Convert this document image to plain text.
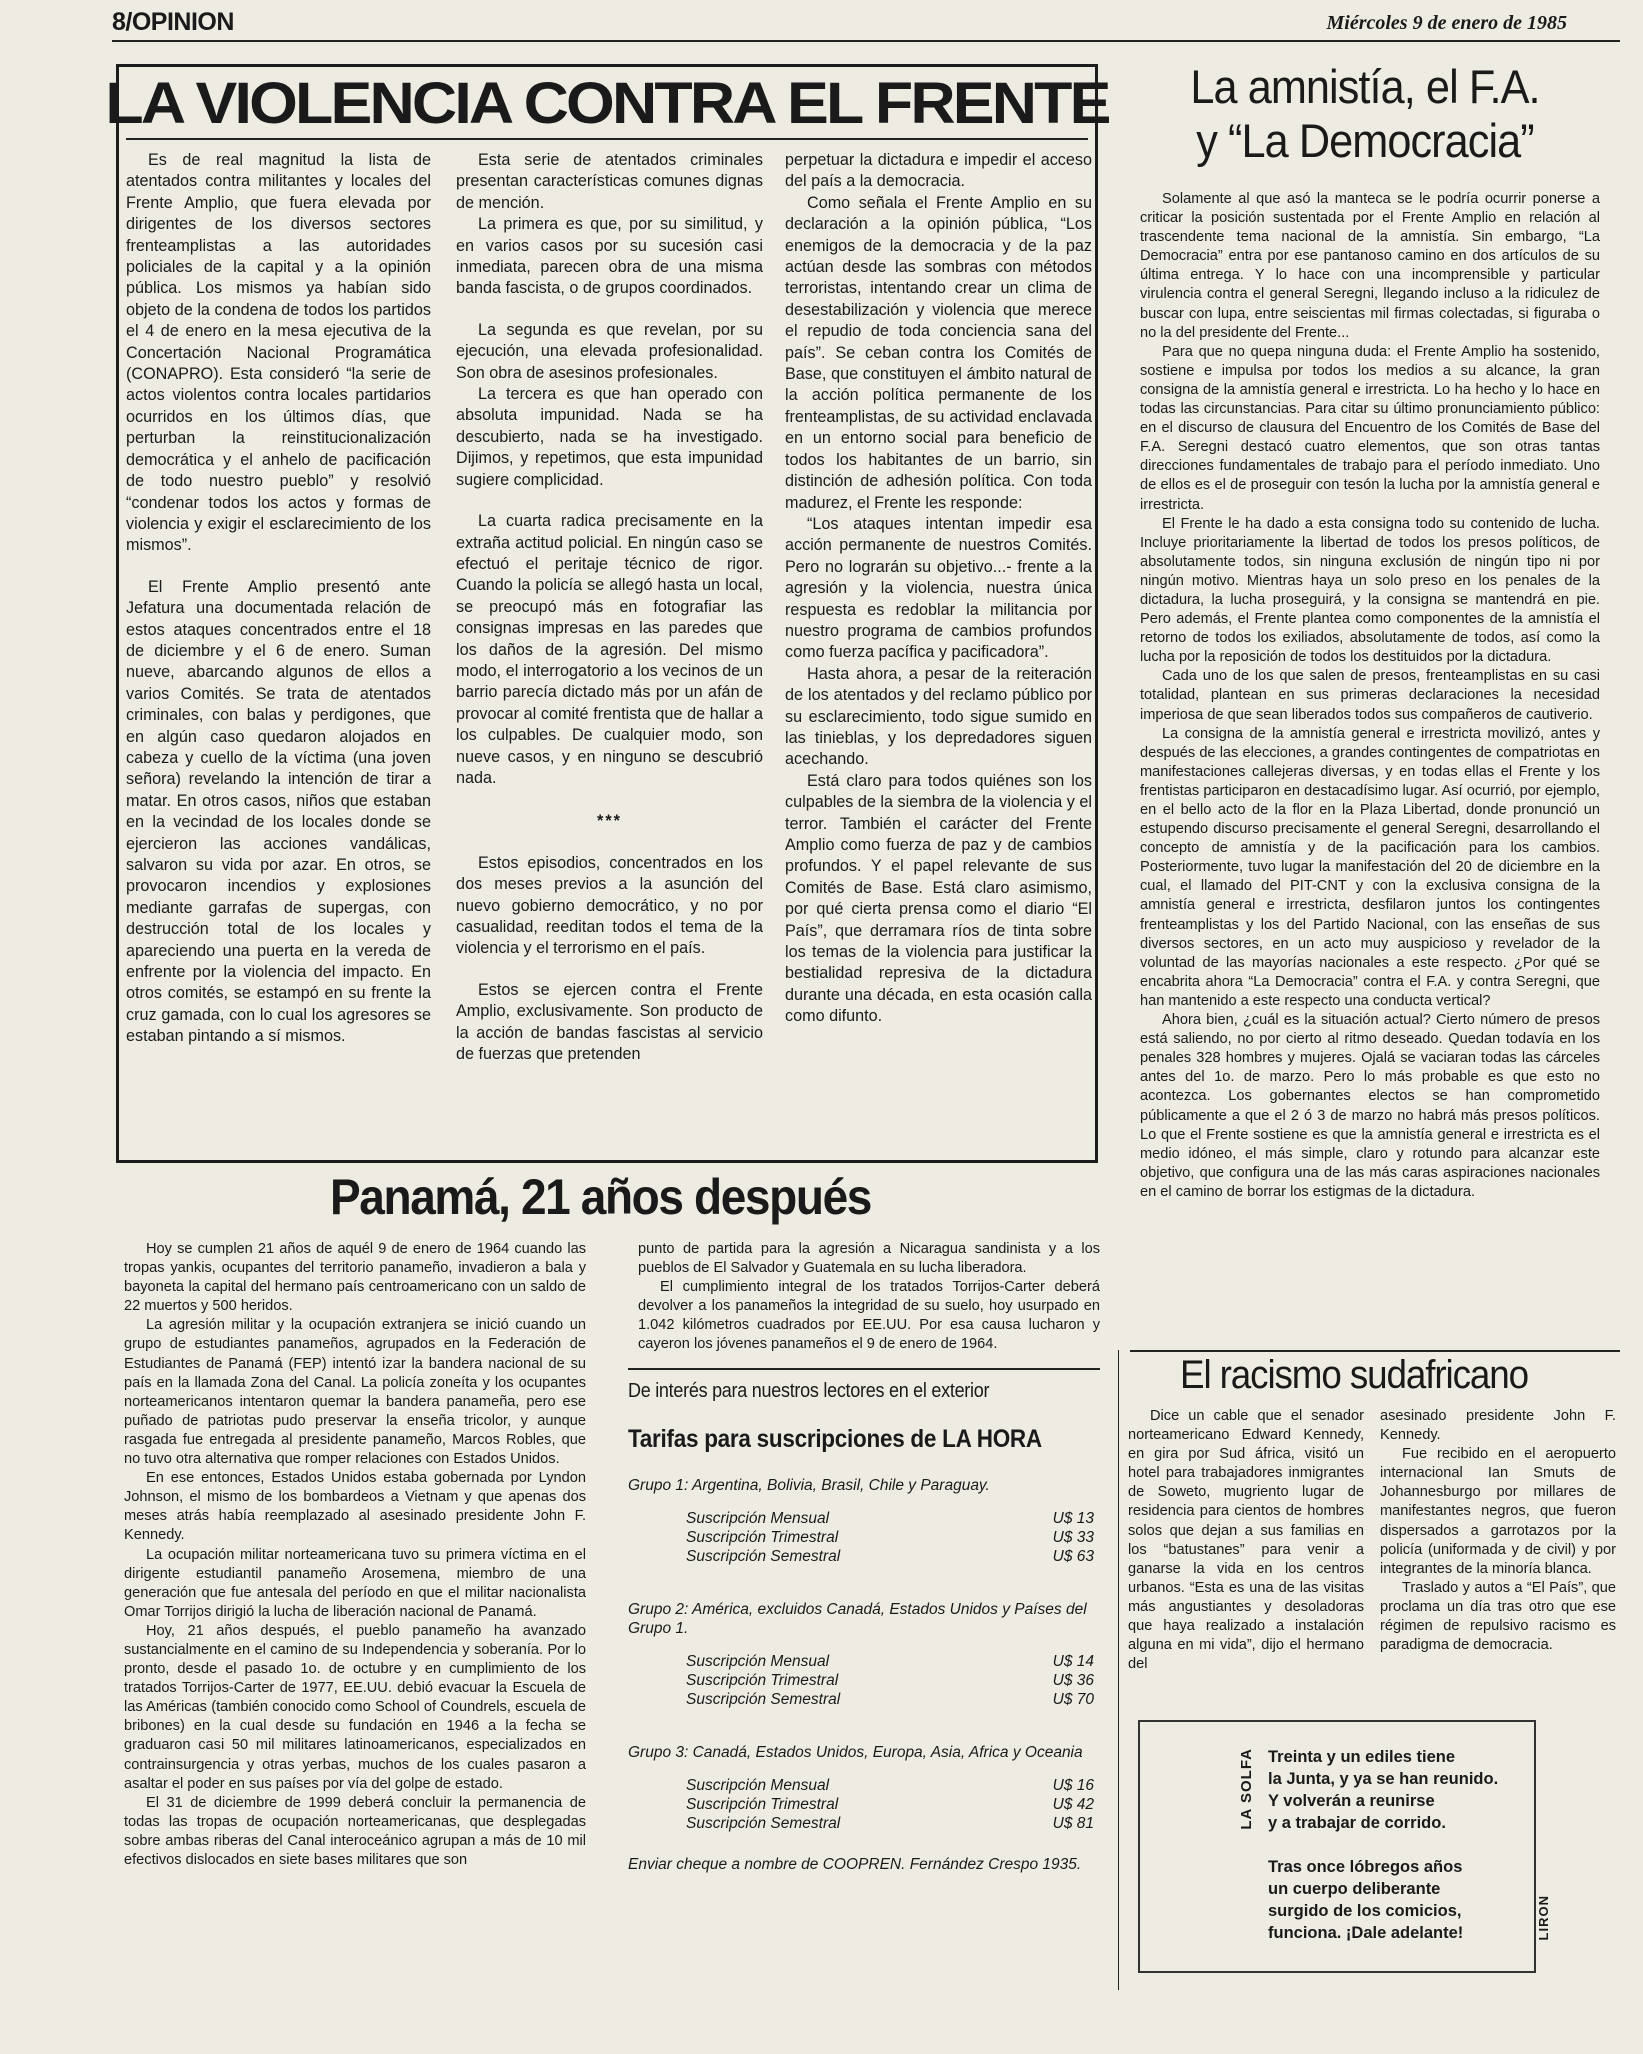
8/OPINION	Miércoles 9 de enero de 1985
LA VIOLENCIA CONTRA EL FRENTE

Es de real magnitud la lista de atentados contra militantes y locales del Frente Amplio, que fuera elevada por dirigentes de los diversos sectores frenteamplistas a las autoridades policiales de la capital y a la opinión pública. Los mismos ya habían sido objeto de la condena de todos los partidos el 4 de enero en la mesa ejecutiva de la Concertación Nacional Programática (CONAPRO). Esta consideró “la serie de actos violentos contra locales partidarios ocurridos en los últimos días, que perturban la reinstitucionalización democrática y el anhelo de pacificación de todo nuestro pueblo” y resolvió “condenar todos los actos y formas de violencia y exigir el esclarecimiento de los mismos”.

El Frente Amplio presentó ante Jefatura una documentada relación de estos ataques concentrados entre el 18 de diciembre y el 6 de enero. Suman nueve, abarcando algunos de ellos a varios Comités. Se trata de atentados criminales, con balas y perdigones, que en algún caso quedaron alojados en cabeza y cuello de la víctima (una joven señora) revelando la intención de tirar a matar. En otros casos, niños que estaban en la vecindad de los locales donde se ejercieron las acciones vandálicas, salvaron su vida por azar. En otros, se provocaron incendios y explosiones mediante garrafas de supergas, con destrucción total de los locales y apareciendo una puerta en la vereda de enfrente por la violencia del impacto. En otros comités, se estampó en su frente la cruz gamada, con lo cual los agresores se estaban pintando a sí mismos.

Esta serie de atentados criminales presentan características comunes dignas de mención.

La primera es que, por su similitud, y en varios casos por su sucesión casi inmediata, parecen obra de una misma banda fascista, o de grupos coordinados.

La segunda es que revelan, por su ejecución, una elevada profesionalidad. Son obra de asesinos profesionales.

La tercera es que han operado con absoluta impunidad. Nada se ha descubierto, nada se ha investigado. Dijimos, y repetimos, que esta impunidad sugiere complicidad.

La cuarta radica precisamente en la extraña actitud policial. En ningún caso se efectuó el peritaje técnico de rigor. Cuando la policía se allegó hasta un local, se preocupó más en fotografiar las consignas impresas en las paredes que los daños de la agresión. Del mismo modo, el interrogatorio a los vecinos de un barrio parecía dictado más por un afán de provocar al comité frentista que de hallar a los culpables. De cualquier modo, son nueve casos, y en ninguno se descubrió nada.

***

Estos episodios, concentrados en los dos meses previos a la asunción del nuevo gobierno democrático, y no por casualidad, reeditan todos el tema de la violencia y el terrorismo en el país.

Estos se ejercen contra el Frente Amplio, exclusivamente. Son producto de la acción de bandas fascistas al servicio de fuerzas que pretenden

perpetuar la dictadura e impedir el acceso del país a la democracia.

Como señala el Frente Amplio en su declaración a la opinión pública, “Los enemigos de la democracia y de la paz actúan desde las sombras con métodos terroristas, intentando crear un clima de desestabilización y violencia que merece el repudio de toda conciencia sana del país”. Se ceban contra los Comités de Base, que constituyen el ámbito natural de la acción política permanente de los frenteamplistas, de su actividad enclavada en un entorno social para beneficio de todos los habitantes de un barrio, sin distinción de adhesión política. Con toda madurez, el Frente les responde:

“Los ataques intentan impedir esa acción permanente de nuestros Comités. Pero no lograrán su objetivo...- frente a la agresión y la violencia, nuestra única respuesta es redoblar la militancia por nuestro programa de cambios profundos como fuerza pacífica y pacificadora”.

Hasta ahora, a pesar de la reiteración de los atentados y del reclamo público por su esclarecimiento, todo sigue sumido en las tinieblas, y los depredadores siguen acechando.

Está claro para todos quiénes son los culpables de la siembra de la violencia y el terror. También el carácter del Frente Amplio como fuerza de paz y de cambios profundos. Y el papel relevante de sus Comités de Base. Está claro asimismo, por qué cierta prensa como el diario “El País”, que derramara ríos de tinta sobre los temas de la violencia para justificar la bestialidad represiva de la dictadura durante una década, en esta ocasión calla como difunto.

La amnistía, el F.A.
y “La Democracia”

Solamente al que asó la manteca se le podría ocurrir ponerse a criticar la posición sustentada por el Frente Amplio en relación al trascendente tema nacional de la amnistía. Sin embargo, “La Democracia” entra por ese pantanoso camino en dos artículos de su última entrega. Y lo hace con una incomprensible y particular virulencia contra el general Seregni, llegando incluso a la ridiculez de buscar con lupa, entre seiscientas mil firmas colectadas, si figuraba o no la del presidente del Frente...

Para que no quepa ninguna duda: el Frente Amplio ha sostenido, sostiene e impulsa por todos los medios a su alcance, la gran consigna de la amnistía general e irrestricta. Lo ha hecho y lo hace en todas las circunstancias. Para citar su último pronunciamiento público: en el discurso de clausura del Encuentro de los Comités de Base del F.A. Seregni destacó cuatro elementos, que son otras tantas direcciones fundamentales de trabajo para el período inmediato. Uno de ellos es el de proseguir con tesón la lucha por la amnistía general e irrestricta.

El Frente le ha dado a esta consigna todo su contenido de lucha. Incluye prioritariamente la libertad de todos los presos políticos, de absolutamente todos, sin ninguna exclusión de ningún tipo ni por ningún motivo. Mientras haya un solo preso en los penales de la dictadura, la lucha proseguirá, y la consigna se mantendrá en pie. Pero además, el Frente plantea como componentes de la amnistía el retorno de todos los exiliados, absolutamente de todos, así como la lucha por la reposición de todos los destituidos por la dictadura.

Cada uno de los que salen de presos, frenteamplistas en su casi totalidad, plantean en sus primeras declaraciones la necesidad imperiosa de que sean liberados todos sus compañeros de cautiverio.

La consigna de la amnistía general e irrestricta movilizó, antes y después de las elecciones, a grandes contingentes de compatriotas en manifestaciones callejeras diversas, y en todas ellas el Frente y los frentistas participaron en destacadísimo lugar. Así ocurrió, por ejemplo, en el bello acto de la flor en la Plaza Libertad, donde pronunció un estupendo discurso precisamente el general Seregni, desarrollando el concepto de amnistía y de la pacificación para los cambios. Posteriormente, tuvo lugar la manifestación del 20 de diciembre en la cual, el llamado del PIT-CNT y con la exclusiva consigna de la amnistía general e irrestricta, desfilaron juntos los contingentes frenteamplistas y los del Partido Nacional, con las enseñas de sus diversos sectores, en un acto muy auspicioso y revelador de la voluntad de las mayorías nacionales a este respecto. ¿Por qué se encabrita ahora “La Democracia” contra el F.A. y contra Seregni, que han mantenido a este respecto una conducta vertical?

Ahora bien, ¿cuál es la situación actual? Cierto número de presos está saliendo, no por cierto al ritmo deseado. Quedan todavía en los penales 328 hombres y mujeres. Ojalá se vaciaran todas las cárceles antes del 1o. de marzo. Pero lo más probable es que esto no acontezca. Los gobernantes electos se han comprometido públicamente a que el 2 ó 3 de marzo no habrá más presos políticos. Lo que el Frente sostiene es que la amnistía general e irrestricta es el medio idóneo, el más simple, claro y rotundo para alcanzar este objetivo, que configura una de las más caras aspiraciones nacionales en el camino de borrar los estigmas de la dictadura.

Panamá, 21 años después

Hoy se cumplen 21 años de aquél 9 de enero de 1964 cuando las tropas yankis, ocupantes del territorio panameño, invadieron a bala y bayoneta la capital del hermano país centroamericano con un saldo de 22 muertos y 500 heridos.

La agresión militar y la ocupación extranjera se inició cuando un grupo de estudiantes panameños, agrupados en la Federación de Estudiantes de Panamá (FEP) intentó izar la bandera nacional de su país en la llamada Zona del Canal. La policía zoneíta y los ocupantes norteamericanos intentaron quemar la bandera panameña, pero ese puñado de patriotas pudo preservar la enseña tricolor, y aunque rasgada fue entregada al presidente panameño, Marcos Robles, que no tuvo otra alternativa que romper relaciones con Estados Unidos.

En ese entonces, Estados Unidos estaba gobernada por Lyndon Johnson, el mismo de los bombardeos a Vietnam y que apenas dos meses atrás había reemplazado al asesinado presidente John F. Kennedy.

La ocupación militar norteamericana tuvo su primera víctima en el dirigente estudiantil panameño Arosemena, miembro de una generación que fue antesala del período en que el militar nacionalista Omar Torrijos dirigió la lucha de liberación nacional de Panamá.

Hoy, 21 años después, el pueblo panameño ha avanzado sustancialmente en el camino de su Independencia y soberanía. Por lo pronto, desde el pasado 1o. de octubre y en cumplimiento de los tratados Torrijos-Carter de 1977, EE.UU. debió evacuar la Escuela de las Américas (también conocido como School of Coundrels, escuela de bribones) en la cual desde su fundación en 1946 a la fecha se graduaron casi 50 mil militares latinoamericanos, especializados en contrainsurgencia y otras yerbas, muchos de los cuales pasaron a asaltar el poder en sus países por vía del golpe de estado.

El 31 de diciembre de 1999 deberá concluir la permanencia de todas las tropas de ocupación norteamericanas, que desplegadas sobre ambas riberas del Canal interoceánico agrupan a más de 10 mil efectivos dislocados en siete bases militares que son

punto de partida para la agresión a Nicaragua sandinista y a los pueblos de El Salvador y Guatemala en su lucha liberadora.

El cumplimiento integral de los tratados Torrijos-Carter deberá devolver a los panameños la integridad de su suelo, hoy usurpado en 1.042 kilómetros cuadrados por EE.UU. Por esa causa lucharon y cayeron los jóvenes panameños el 9 de enero de 1964.

De interés para nuestros lectores en el exterior
Tarifas para suscripciones de LA HORA
Grupo 1: Argentina, Bolivia, Brasil, Chile y Paraguay.
Suscripción Mensual	U$ 13
Suscripción Trimestral	U$ 33
Suscripción Semestral	U$ 63
Grupo 2: América, excluidos Canadá, Estados Unidos y Países del Grupo 1.
Suscripción Mensual	U$ 14
Suscripción Trimestral	U$ 36
Suscripción Semestral	U$ 70
Grupo 3: Canadá, Estados Unidos, Europa, Asia, Africa y Oceania
Suscripción Mensual	U$ 16
Suscripción Trimestral	U$ 42
Suscripción Semestral	U$ 81
Enviar cheque a nombre de COOPREN. Fernández Crespo 1935.
El racismo sudafricano

Dice un cable que el senador norteamericano Edward Kennedy, en gira por Sud áfrica, visitó un hotel para trabajadores inmigrantes de Soweto, mugriento lugar de residencia para cientos de hombres solos que dejan a sus familias en los “batustanes” para venir a ganarse la vida en los centros urbanos. “Esta es una de las visitas más angustiantes y desoladoras que haya realizado a instalación alguna en mi vida”, dijo el hermano del

asesinado presidente John F. Kennedy.

Fue recibido en el aeropuerto internacional Ian Smuts de Johannesburgo por millares de manifestantes negros, que fueron dispersados a garrotazos por la policía (uniformada y de civil) y por integrantes de la minoría blanca.

Traslado y autos a “El País”, que proclama un día tras otro que ese régimen de repulsivo racismo es paradigma de democracia.

LA SOLFA Treinta y un ediles tiene
la Junta, y ya se han reunido.
Y volverán a reunirse
y a trabajar de corrido.
Tras once lóbregos años
un cuerpo deliberante
surgido de los comicios,
funciona. ¡Dale adelante!	LIRON
